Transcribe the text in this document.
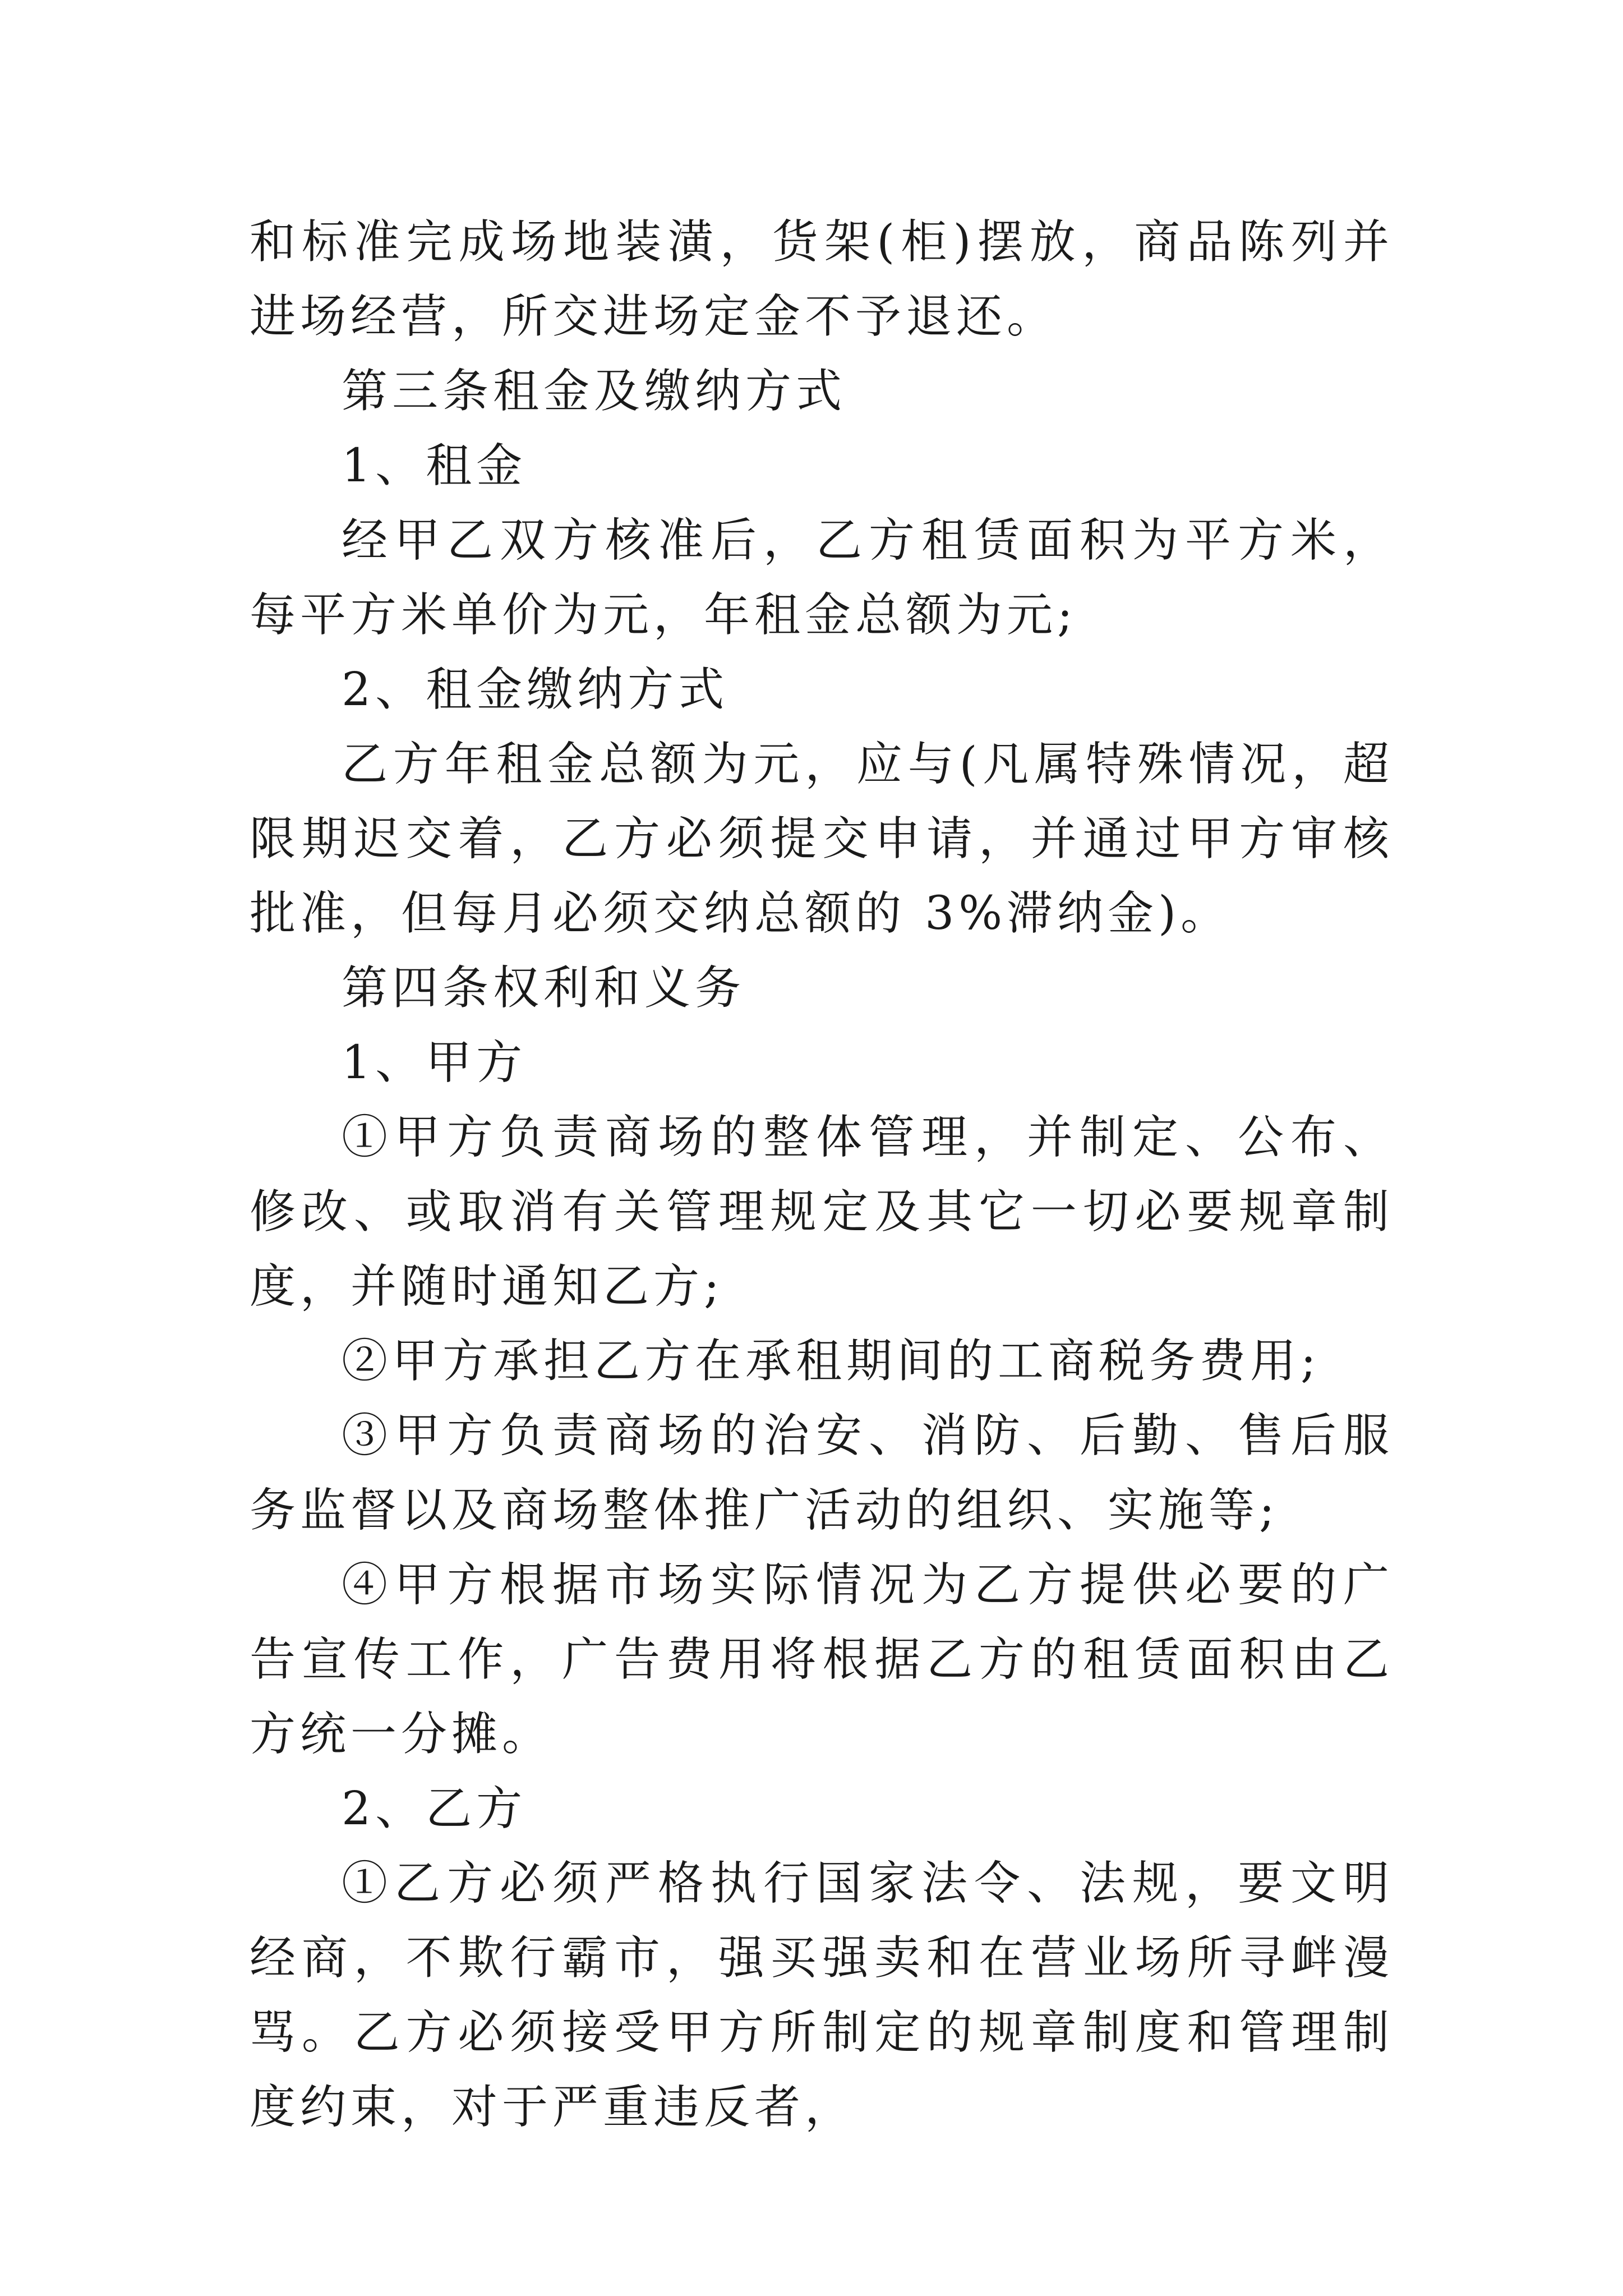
和标准完成场地装潢，货架(柜)摆放，商品陈列并进场经营，所交进场定金不予退还。

第三条租金及缴纳方式

1、租金

经甲乙双方核准后，乙方租赁面积为平方米，每平方米单价为元，年租金总额为元;

2、租金缴纳方式

乙方年租金总额为元，应与(凡属特殊情况，超限期迟交着，乙方必须提交申请，并通过甲方审核批准，但每月必须交纳总额的 3%滞纳金)。

第四条权利和义务

1、甲方

①甲方负责商场的整体管理，并制定、公布、修改、或取消有关管理规定及其它一切必要规章制度，并随时通知乙方;

②甲方承担乙方在承租期间的工商税务费用;

③甲方负责商场的治安、消防、后勤、售后服务监督以及商场整体推广活动的组织、实施等;

④甲方根据市场实际情况为乙方提供必要的广告宣传工作，广告费用将根据乙方的租赁面积由乙方统一分摊。

2、乙方

①乙方必须严格执行国家法令、法规，要文明经商，不欺行霸市，强买强卖和在营业场所寻衅漫骂。乙方必须接受甲方所制定的规章制度和管理制度约束，对于严重违反者，
